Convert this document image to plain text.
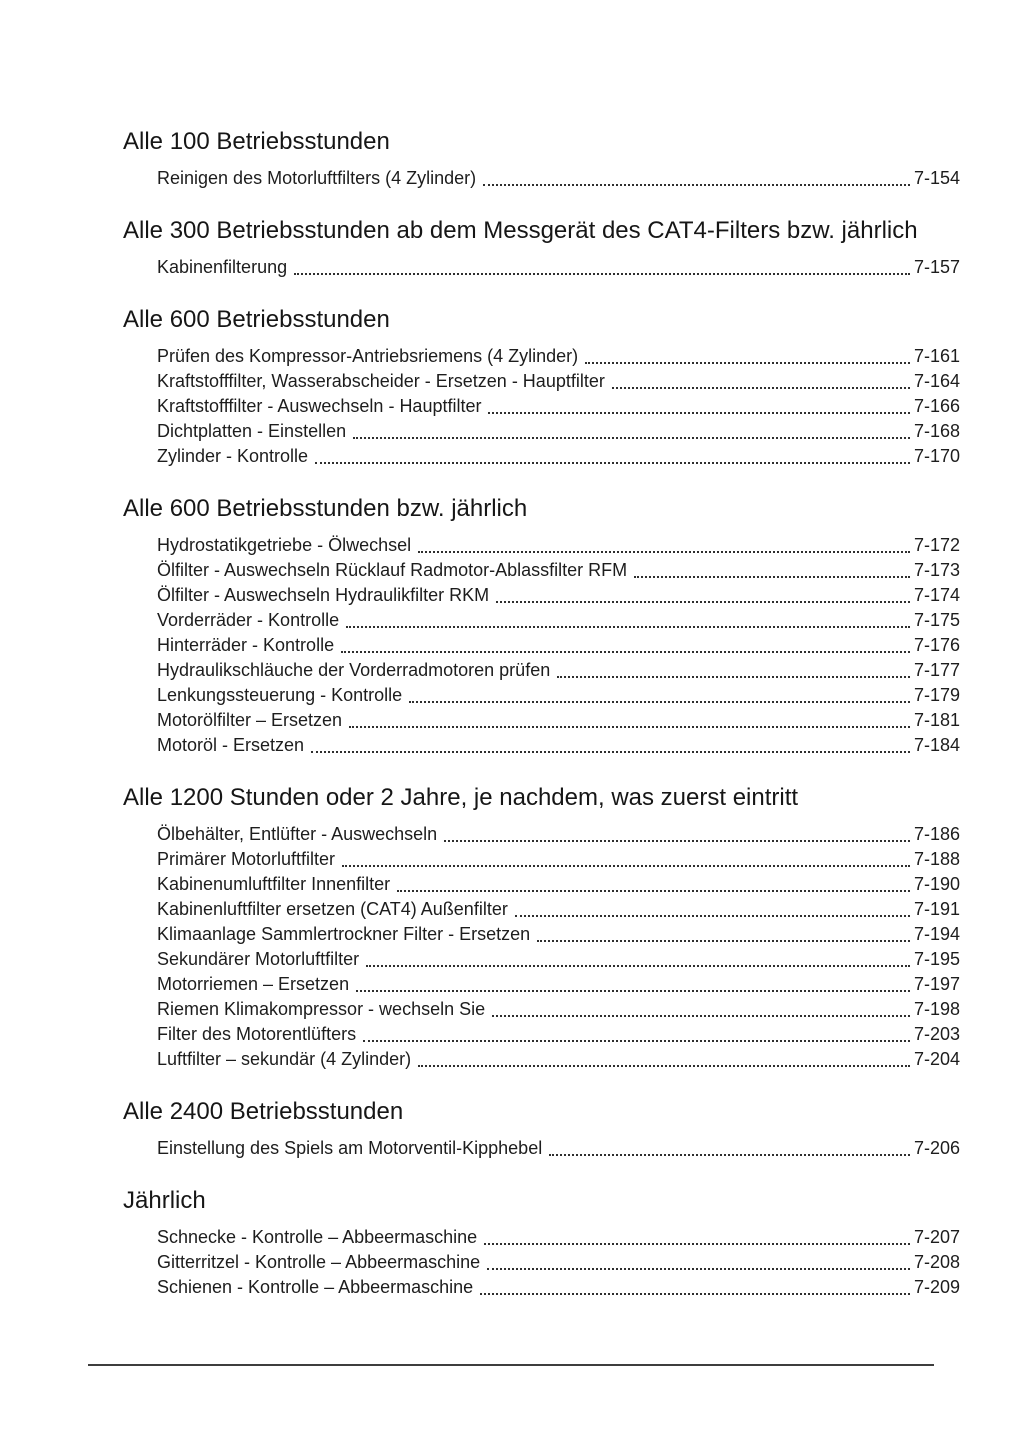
Alle 100 Betriebsstunden
Reinigen des Motorluftfilters (4 Zylinder)	7-154
Alle 300 Betriebsstunden ab dem Messgerät des CAT4-Filters bzw. jährlich
Kabinenfilterung	7-157
Alle 600 Betriebsstunden
Prüfen des Kompressor-Antriebsriemens (4 Zylinder)	7-161
Kraftstofffilter, Wasserabscheider - Ersetzen - Hauptfilter	7-164
Kraftstofffilter - Auswechseln - Hauptfilter	7-166
Dichtplatten - Einstellen	7-168
Zylinder - Kontrolle	7-170
Alle 600 Betriebsstunden bzw. jährlich
Hydrostatikgetriebe - Ölwechsel	7-172
Ölfilter - Auswechseln Rücklauf Radmotor-Ablassfilter RFM	7-173
Ölfilter - Auswechseln Hydraulikfilter RKM	7-174
Vorderräder - Kontrolle	7-175
Hinterräder - Kontrolle	7-176
Hydraulikschläuche der Vorderradmotoren prüfen	7-177
Lenkungssteuerung - Kontrolle	7-179
Motorölfilter – Ersetzen	7-181
Motoröl - Ersetzen	7-184
Alle 1200 Stunden oder 2 Jahre, je nachdem, was zuerst eintritt
Ölbehälter, Entlüfter - Auswechseln	7-186
Primärer Motorluftfilter	7-188
Kabinenumluftfilter Innenfilter	7-190
Kabinenluftfilter ersetzen (CAT4) Außenfilter	7-191
Klimaanlage Sammlertrockner Filter - Ersetzen	7-194
Sekundärer Motorluftfilter	7-195
Motorriemen – Ersetzen	7-197
Riemen Klimakompressor - wechseln Sie	7-198
Filter des Motorentlüfters	7-203
Luftfilter – sekundär (4 Zylinder)	7-204
Alle 2400 Betriebsstunden
Einstellung des Spiels am Motorventil-Kipphebel	7-206
Jährlich
Schnecke - Kontrolle – Abbeermaschine	7-207
Gitterritzel - Kontrolle – Abbeermaschine	7-208
Schienen - Kontrolle – Abbeermaschine	7-209
